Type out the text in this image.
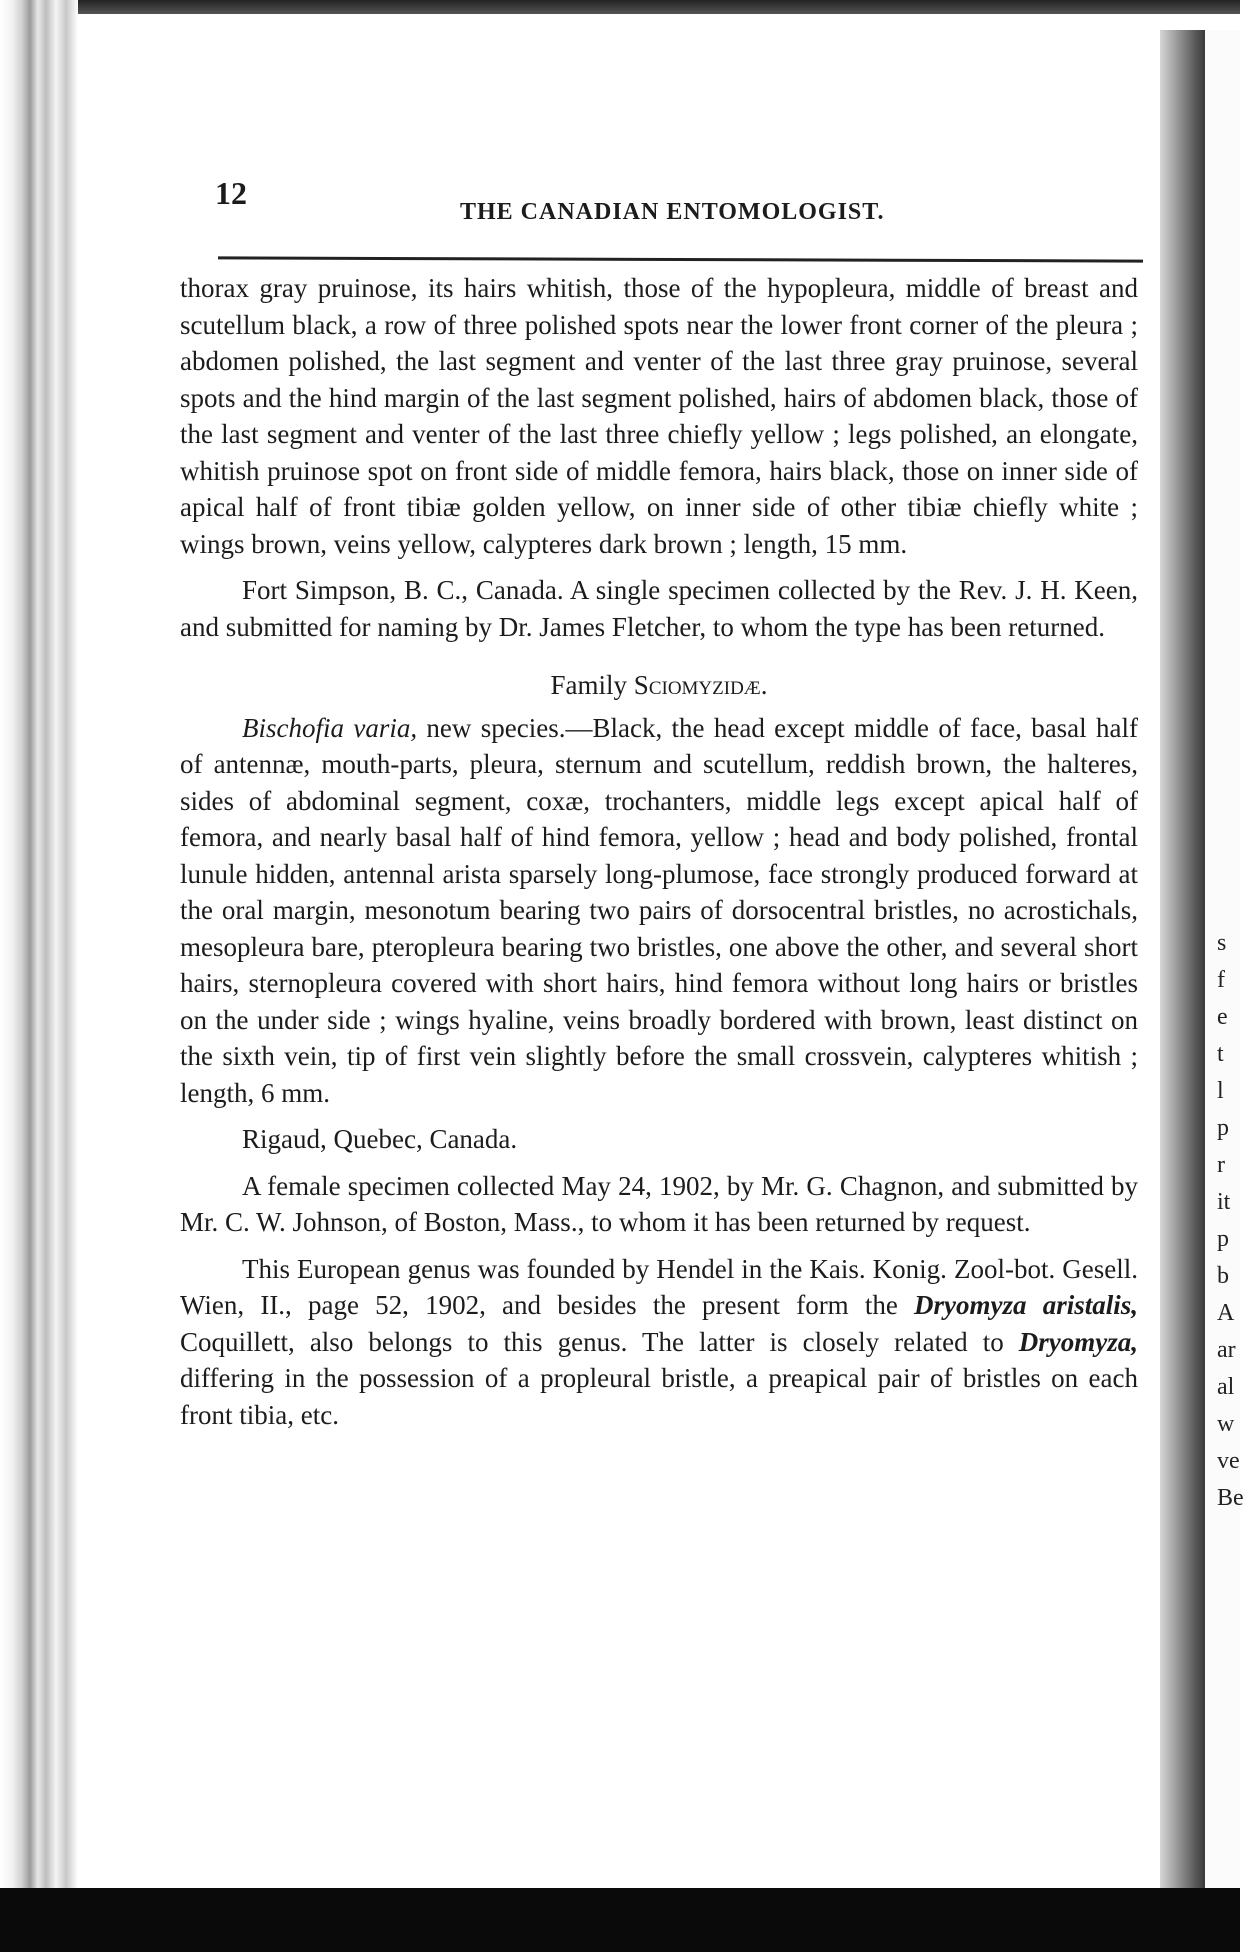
s
f
e
t
l
p
r
it
p
b
A
ar
al
w
ve
Be
12
THE CANADIAN ENTOMOLOGIST.

thorax gray pruinose, its hairs whitish, those of the hypopleura, middle of breast and scutellum black, a row of three polished spots near the lower front corner of the pleura ; abdomen polished, the last segment and venter of the last three gray pruinose, several spots and the hind margin of the last segment polished, hairs of abdomen black, those of the last segment and venter of the last three chiefly yellow ; legs polished, an elongate, whitish pruinose spot on front side of middle femora, hairs black, those on inner side of apical half of front tibiæ golden yellow, on inner side of other tibiæ chiefly white ; wings brown, veins yellow, calypteres dark brown ; length, 15 mm.

Fort Simpson, B. C., Canada. A single specimen collected by the Rev. J. H. Keen, and submitted for naming by Dr. James Fletcher, to whom the type has been returned.

Family Sciomyzidæ.

Bischofia varia, new species.—Black, the head except middle of face, basal half of antennæ, mouth-parts, pleura, sternum and scutellum, reddish brown, the halteres, sides of abdominal segment, coxæ, trochanters, middle legs except apical half of femora, and nearly basal half of hind femora, yellow ; head and body polished, frontal lunule hidden, antennal arista sparsely long-plumose, face strongly produced forward at the oral margin, mesonotum bearing two pairs of dorsocentral bristles, no acrostichals, mesopleura bare, pteropleura bearing two bristles, one above the other, and several short hairs, sternopleura covered with short hairs, hind femora without long hairs or bristles on the under side ; wings hyaline, veins broadly bordered with brown, least distinct on the sixth vein, tip of first vein slightly before the small crossvein, calypteres whitish ; length, 6 mm.

Rigaud, Quebec, Canada.

A female specimen collected May 24, 1902, by Mr. G. Chagnon, and submitted by Mr. C. W. Johnson, of Boston, Mass., to whom it has been returned by request.

This European genus was founded by Hendel in the Kais. Konig. Zool-bot. Gesell. Wien, II., page 52, 1902, and besides the present form the Dryomyza aristalis, Coquillett, also belongs to this genus. The latter is closely related to Dryomyza, differing in the possession of a propleural bristle, a preapical pair of bristles on each front tibia, etc.
